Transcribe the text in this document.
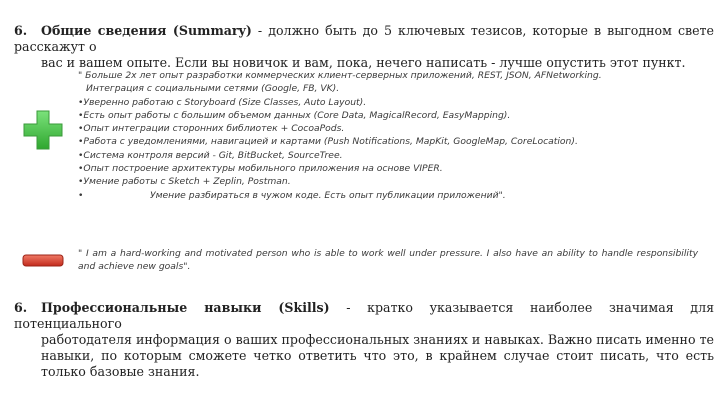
6. Общие сведения (Summary) - должно быть до 5 ключевых тезисов, которые в выгодном свете расскажут о
вас и вашем опыте. Если вы новичок и вам, пока, нечего написать - лучше опустить этот пункт.
" Больше 2х лет опыт разработки коммерческих клиент-серверных приложений, REST, JSON, AFNetworking.
Интеграция с социальными сетями (Google, FB, VK).
•Уверенно работаю с Storyboard (Size Classes, Auto Layout).
•Есть опыт работы с большим объемом данных (Core Data, MagicalRecord, EasyMapping).
•Опыт интеграции сторонних библиотек + CocoaPods.
•Работа с уведомлениями, навигацией и картами (Push Notifications, MapKit, GoogleMap, CoreLocation).
•Система контроля версий - Git, BitBucket, SourceTree.
•Опыт построение архитектуры мобильного приложения на основе VIPER.
•Умение работы с Sketch + Zeplin, Postman.
•	Умение разбираться в чужом коде. Есть опыт публикации приложений".
" I am a hard-working and motivated person who is able to work well under pressure. I also have an ability to handle responsibility and achieve new goals".
6. Профессиональные навыки (Skills) - кратко указывается наиболее значимая для потенциального
работодателя информация о ваших профессиональных знаниях и навыках. Важно писать именно те навыки, по которым сможете четко ответить что это, в крайнем случае стоит писать, что есть только базовые знания.
